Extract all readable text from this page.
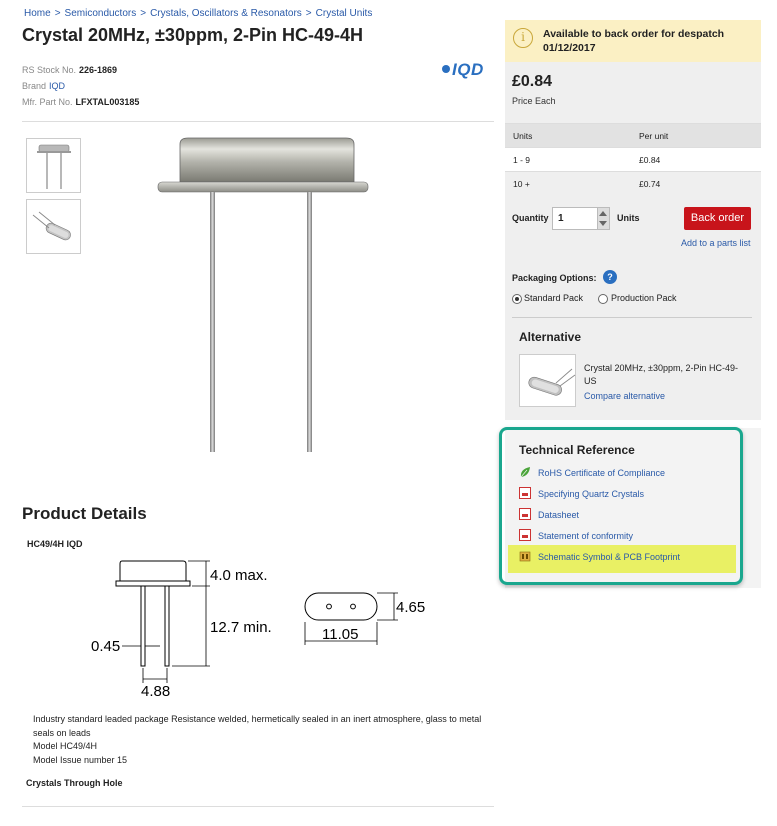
Home > Semiconductors > Crystals, Oscillators & Resonators > Crystal Units
Crystal 20MHz, ±30ppm, 2-Pin HC-49-4H
RS Stock No. 226-1869
Brand IQD
Mfr. Part No. LFXTAL003185
IQD
Product Details
HC49/4H IQD
4.0 max.
12.7 min.
0.45
4.88
4.65
11.05
Industry standard leaded package Resistance welded, hermetically sealed in an inert atmosphere, glass to metal seals on leads
Model HC49/4H
Model Issue number 15
Crystals Through Hole
i	Available to back order for despatch 01/12/2017
£0.84
Price Each
Units	Per unit
1 - 9	£0.84
10 +	£0.74
Quantity 1	Units	Back order
Add to a parts list
Packaging Options:	?
Standard Pack	Production Pack
Alternative
Crystal 20MHz, ±30ppm, 2-Pin HC-49-US
Compare alternative
Technical Reference
RoHS Certificate of Compliance
Specifying Quartz Crystals
Datasheet
Statement of conformity
Schematic Symbol & PCB Footprint
